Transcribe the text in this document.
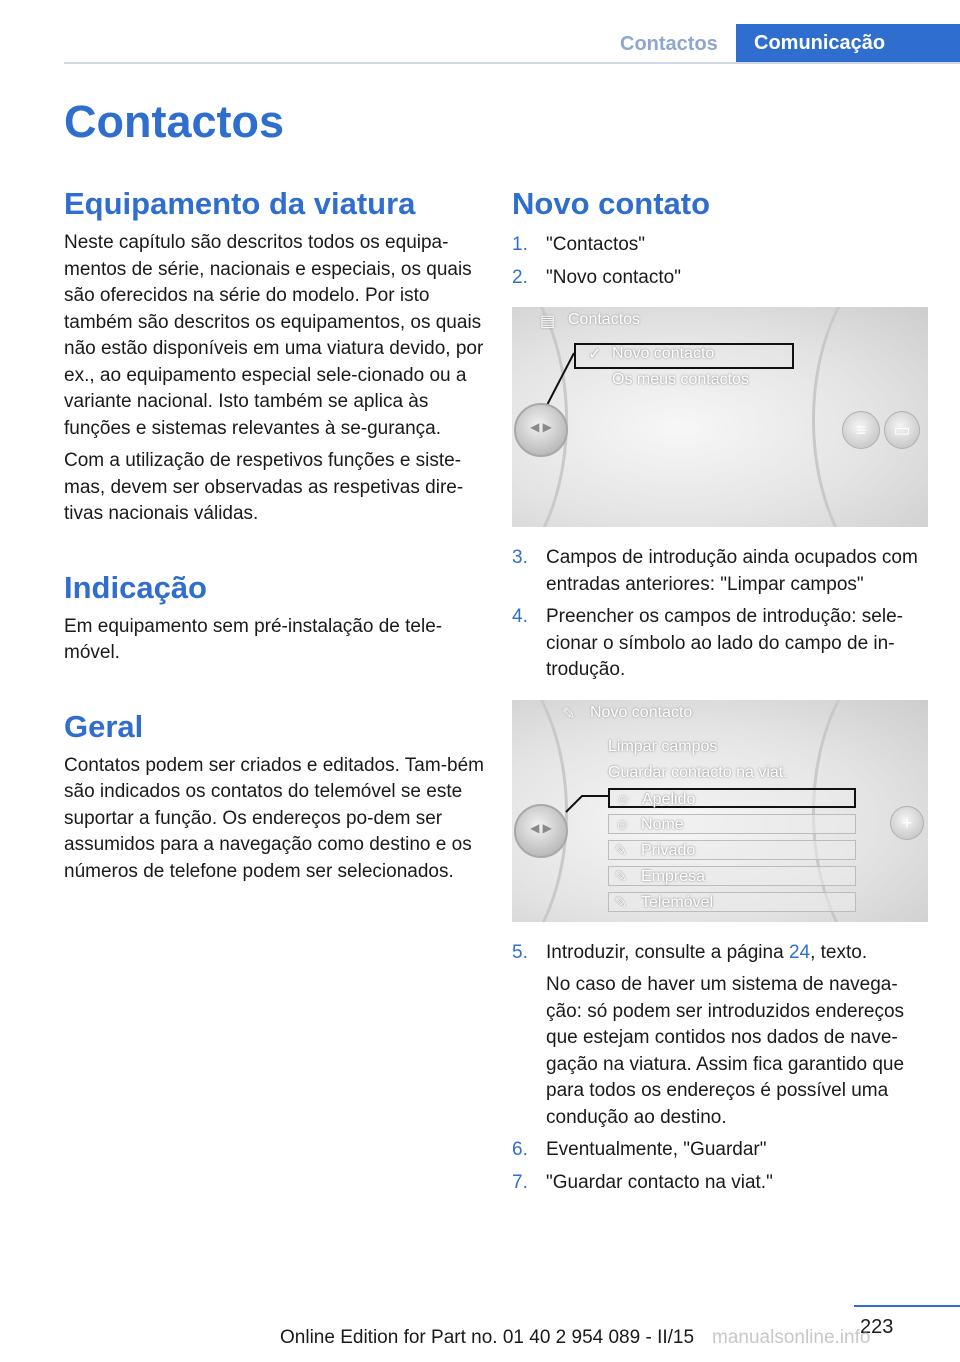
Contactos	Comunicação
Contactos
Equipamento da viatura

Neste capítulo são descritos todos os equipa-mentos de série, nacionais e especiais, os quais são oferecidos na série do modelo. Por isto também são descritos os equipamentos, os quais não estão disponíveis em uma viatura devido, por ex., ao equipamento especial sele-cionado ou a variante nacional. Isto também se aplica às funções e sistemas relevantes à se-gurança.

Com a utilização de respetivos funções e siste-mas, devem ser observadas as respetivas dire-tivas nacionais válidas.

Indicação

Em equipamento sem pré-instalação de tele-móvel.

Geral

Contatos podem ser criados e editados. Tam-bém são indicados os contatos do telemóvel se este suportar a função. Os endereços po-dem ser assumidos para a navegação como destino e os números de telefone podem ser selecionados.

Novo contato
1. "Contactos"
2. "Novo contacto"
▤ Contactos
✓ Novo contacto
Os meus contactos
◀ ▶	≡	▭
3. Campos de introdução ainda ocupados com entradas anteriores: "Limpar campos"
4. Preencher os campos de introdução: sele-cionar o símbolo ao lado do campo de in-trodução.
✎ Novo contacto
Limpar campos
Guardar contacto na viat.
☺ Apelido
☺ Nome
✎ Privado
✎ Empresa
✎ Telemóvel
◀ ▶	+
5. Introduzir, consulte a página 24, texto.

No caso de haver um sistema de navega-ção: só podem ser introduzidos endereços que estejam contidos nos dados de nave-gação na viatura. Assim fica garantido que para todos os endereços é possível uma condução ao destino.

6. Eventualmente, "Guardar"
7. "Guardar contacto na viat."
223
Online Edition for Part no. 01 40 2 954 089 - II/15 manualsonline.info
